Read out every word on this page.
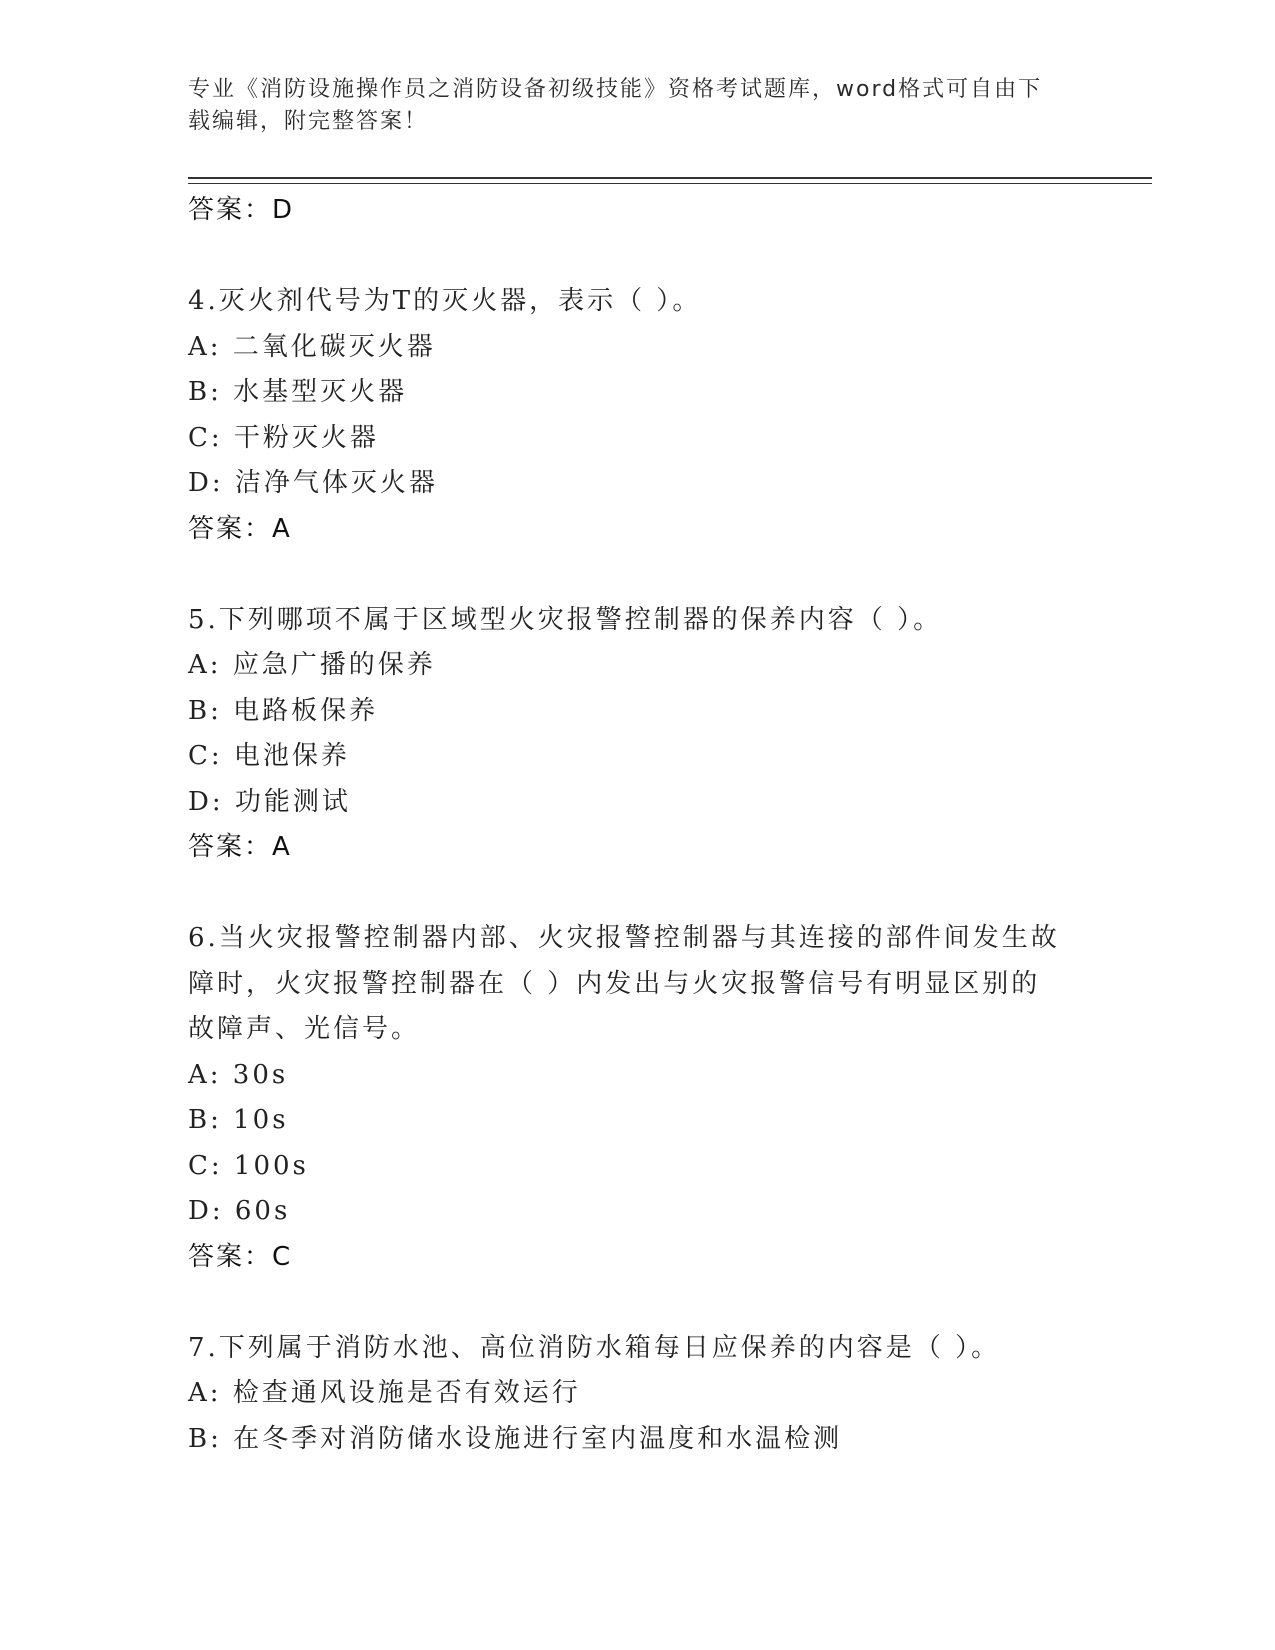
专业《消防设施操作员之消防设备初级技能》资格考试题库，word格式可自由下
载编辑，附完整答案！
答案：D
4.灭火剂代号为T的灭火器，表示（ ）。
A: 二氧化碳灭火器
B: 水基型灭火器
C: 干粉灭火器
D: 洁净气体灭火器
答案：A
5.下列哪项不属于区域型火灾报警控制器的保养内容（ ）。
A: 应急广播的保养
B: 电路板保养
C: 电池保养
D: 功能测试
答案：A
6.当火灾报警控制器内部、火灾报警控制器与其连接的部件间发生故
障时，火灾报警控制器在（ ）内发出与火灾报警信号有明显区别的
故障声、光信号。
A: 30s
B: 10s
C: 100s
D: 60s
答案：C
7.下列属于消防水池、高位消防水箱每日应保养的内容是（ ）。
A: 检查通风设施是否有效运行
B: 在冬季对消防储水设施进行室内温度和水温检测
